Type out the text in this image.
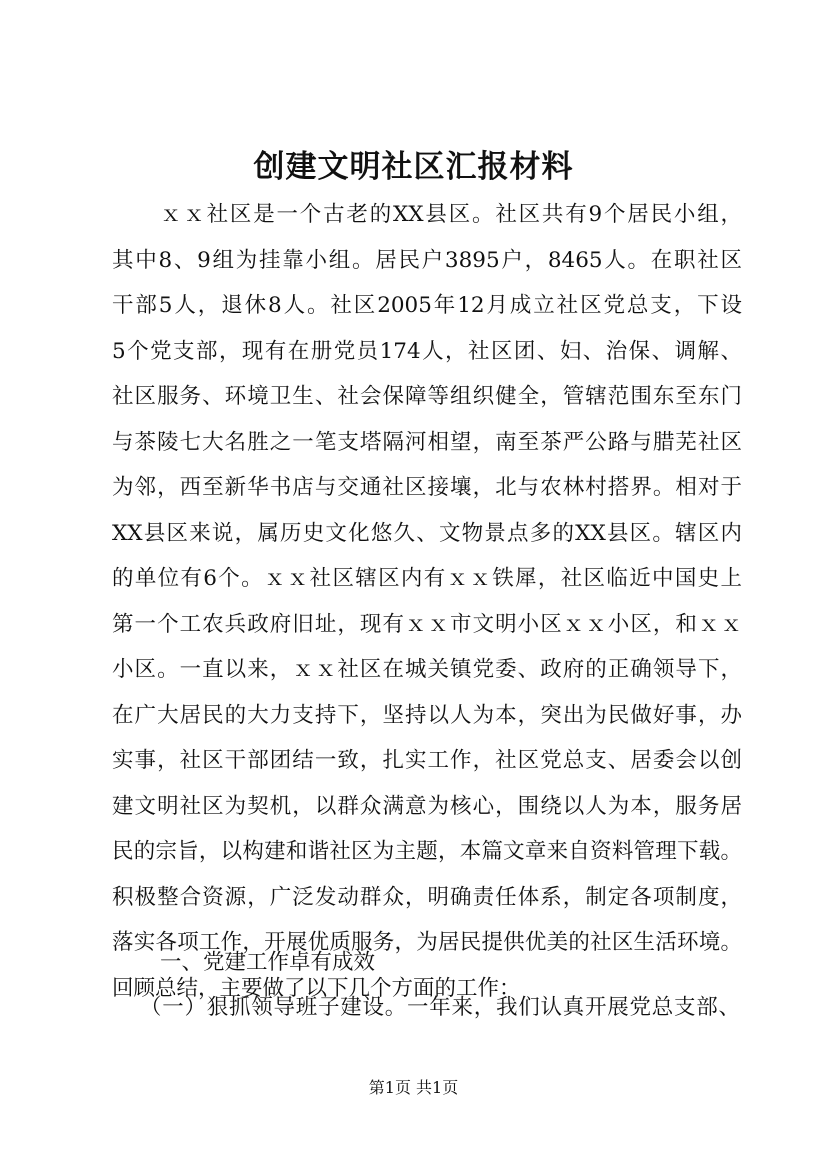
创建文明社区汇报材料
ｘｘ社区是一个古老的XX县区。社区共有9个居民小组，
其中8、9组为挂靠小组。居民户3895户，8465人。在职社区
干部5人，退休8人。社区2005年12月成立社区党总支，下设
5个党支部，现有在册党员174人，社区团、妇、治保、调解、
社区服务、环境卫生、社会保障等组织健全，管辖范围东至东门
与茶陵七大名胜之一笔支塔隔河相望，南至茶严公路与腊芜社区
为邻，西至新华书店与交通社区接壤，北与农林村搭界。相对于
XX县区来说，属历史文化悠久、文物景点多的XX县区。辖区内
的单位有6个。ｘｘ社区辖区内有ｘｘ铁犀，社区临近中国史上
第一个工农兵政府旧址，现有ｘｘ市文明小区ｘｘ小区，和ｘｘ
小区。一直以来，ｘｘ社区在城关镇党委、政府的正确领导下，
在广大居民的大力支持下，坚持以人为本，突出为民做好事，办
实事，社区干部团结一致，扎实工作，社区党总支、居委会以创
建文明社区为契机，以群众满意为核心，围绕以人为本，服务居
民的宗旨，以构建和谐社区为主题，本篇文章来自资料管理下载。
积极整合资源，广泛发动群众，明确责任体系，制定各项制度，
落实各项工作，开展优质服务，为居民提供优美的社区生活环境。
回顾总结，主要做了以下几个方面的工作：
一、党建工作卓有成效
（一）狠抓领导班子建设。一年来，我们认真开展党总支部、
第1页 共1页
